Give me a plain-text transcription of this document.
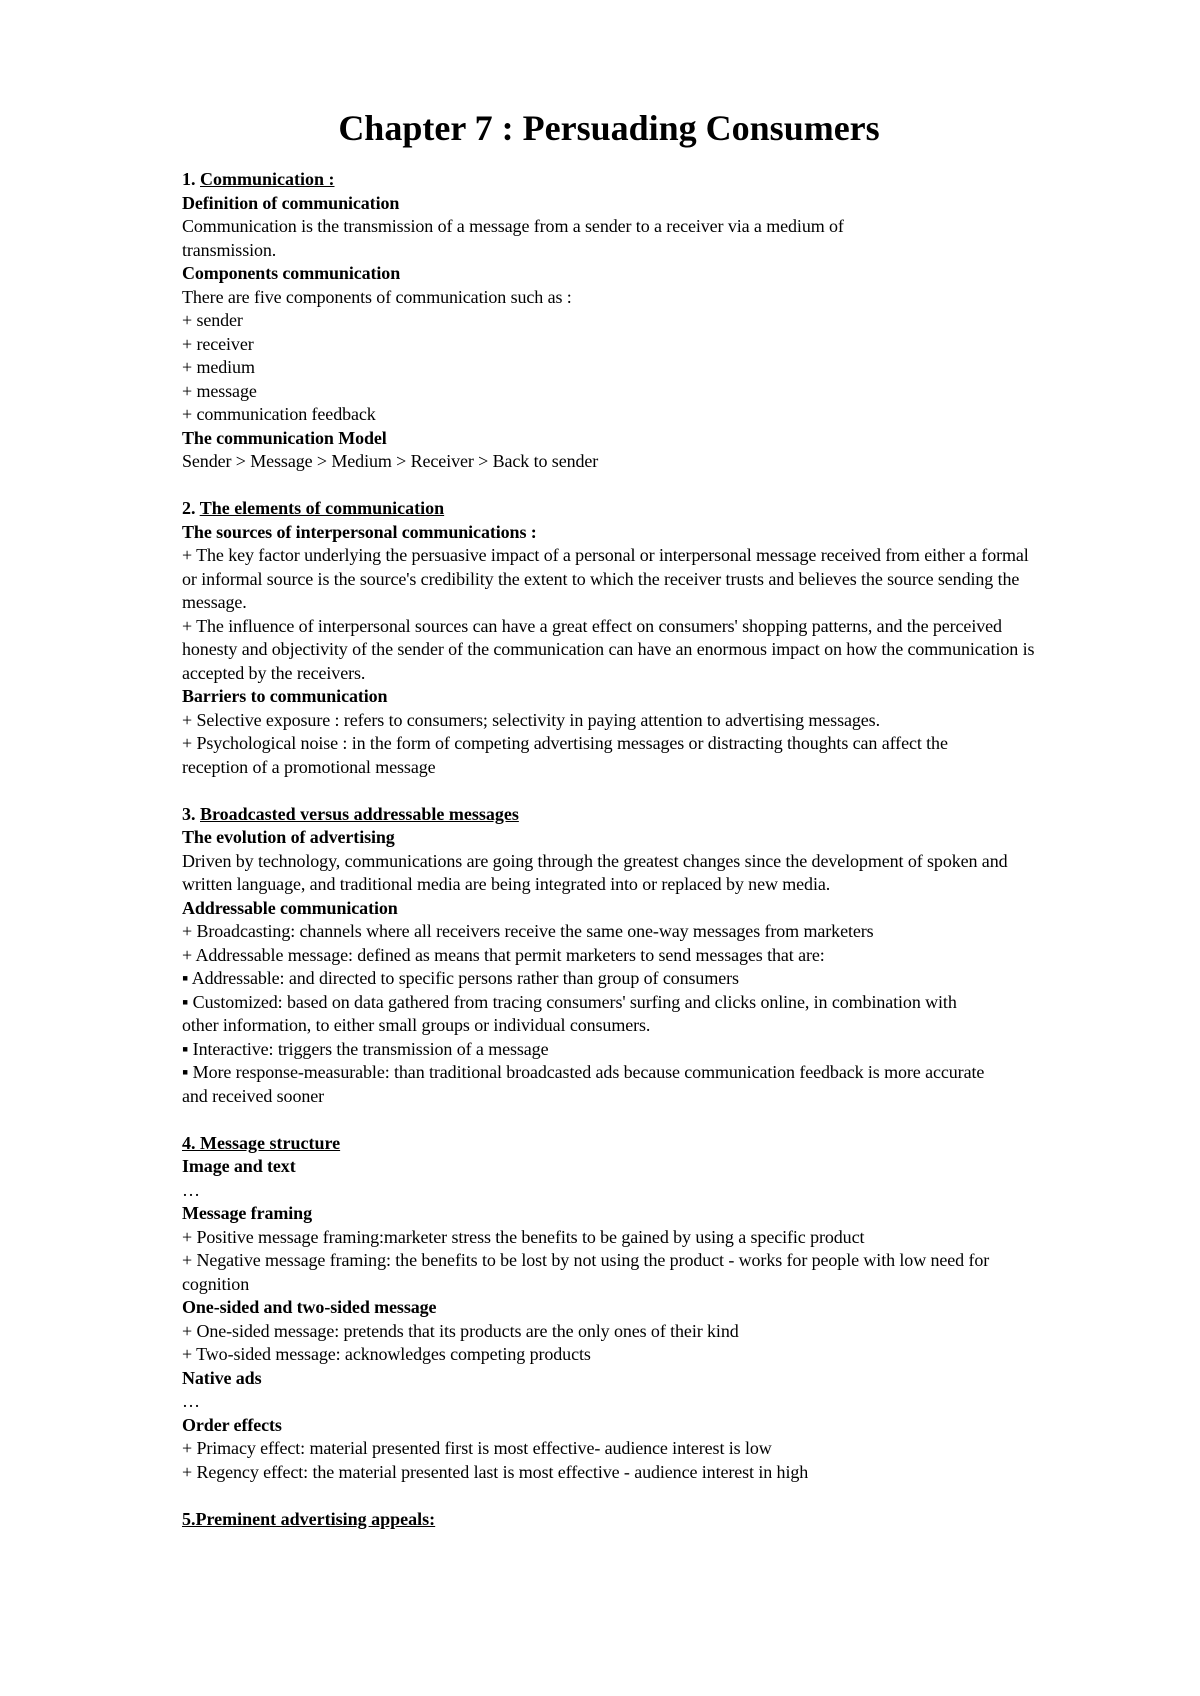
Chapter 7 : Persuading Consumers
1. Communication :
Definition of communication
Communication is the transmission of a message from a sender to a receiver via a medium of transmission.
Components communication
There are five components of communication such as :
+ sender
+ receiver
+ medium
+ message
+ communication feedback
The communication Model
Sender > Message > Medium > Receiver > Back to sender
2. The elements of communication
The sources of interpersonal communications :
+ The key factor underlying the persuasive impact of a personal or interpersonal message received from either a formal or informal source is the source's credibility the extent to which the receiver trusts and believes the source sending the message.
+ The influence of interpersonal sources can have a great effect on consumers' shopping patterns, and the perceived honesty and objectivity of the sender of the communication can have an enormous impact on how the communication is accepted by the receivers.
Barriers to communication
+ Selective exposure : refers to consumers; selectivity in paying attention to advertising messages.
+ Psychological noise : in the form of competing advertising messages or distracting thoughts can affect the reception of a promotional message
3. Broadcasted versus addressable messages
The evolution of advertising
Driven by technology, communications are going through the greatest changes since the development of spoken and written language, and traditional media are being integrated into or replaced by new media.
Addressable communication
+ Broadcasting: channels where all receivers receive the same one-way messages from marketers
+ Addressable message: defined as means that permit marketers to send messages that are:
▪ Addressable: and directed to specific persons rather than group of consumers
▪ Customized: based on data gathered from tracing consumers' surfing and clicks online, in combination with other information, to either small groups or individual consumers.
▪ Interactive: triggers the transmission of a message
▪ More response-measurable: than traditional broadcasted ads because communication feedback is more accurate and received sooner
4. Message structure
Image and text
…
Message framing
+ Positive message framing:marketer stress the benefits to be gained by using a specific product
+ Negative message framing: the benefits to be lost by not using the product - works for people with low need for cognition
One-sided and two-sided message
+ One-sided message: pretends that its products are the only ones of their kind
+ Two-sided message: acknowledges competing products
Native ads
…
Order effects
+ Primacy effect: material presented first is most effective- audience interest is low
+ Regency effect: the material presented last is most effective - audience interest in high
5.Preminent advertising appeals:
